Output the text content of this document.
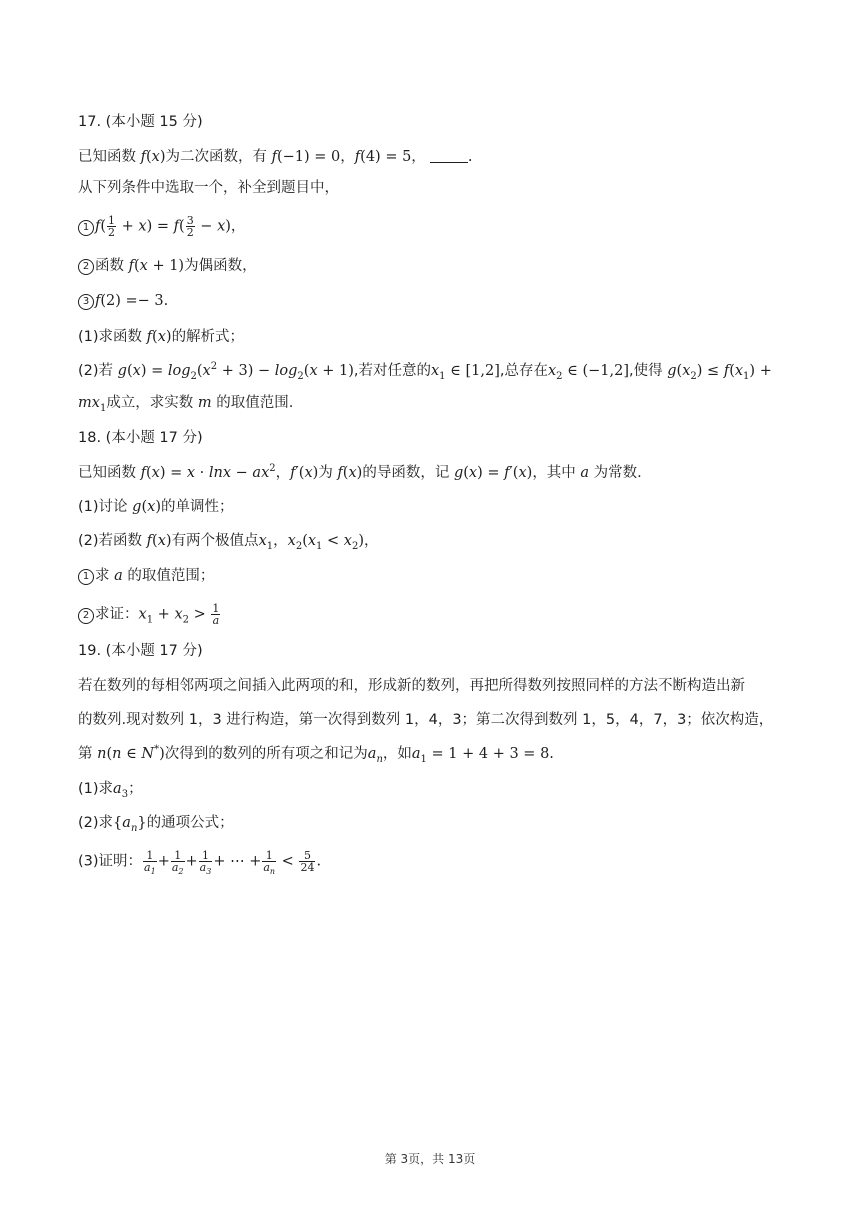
17. (本小题 15 分)
已知函数 f(x)为二次函数，有 f(−1) = 0，f(4) = 5，	.
从下列条件中选取一个，补全到题目中，
1 $f( \frac{1}{2} + x) = f( \frac{3}{2} - x)$，
2 函数 f(x + 1)为偶函数，
3 f(2) =− 3.
(1)求函数 f(x)的解析式；
(2)若 $g(x) = \log_2(x^2 + 3) - \log_2(x + 1)$,若对任意的$x_1$ ∈ [1,2],总存在$x_2$ ∈ (−1,2],使得 $g(x_2) \le f(x_1)$ +
$mx_1$成立，求实数 m 的取值范围.
18. (本小题 17 分)
已知函数 $f(x) = x \cdot \ln x - ax^2$，f′(x)为 f(x)的导函数，记 g(x) = f′(x)，其中 a 为常数.
(1)讨论 g(x)的单调性；
(2)若函数 f(x)有两个极值点$x_1$，$x_2(x_1 < x_2)$，
1 求 a 的取值范围；
2 求证：$x_1 + x_2 > \frac{1}{a}$
19. (本小题 17 分)
若在数列的每相邻两项之间插入此两项的和，形成新的数列，再把所得数列按照同样的方法不断构造出新
的数列.现对数列 1，3 进行构造，第一次得到数列 1，4，3；第二次得到数列 1，5，4，7，3；依次构造，
第 n(n ∈ N*)次得到的数列的所有项之和记为$a_n$，如$a_1 = 1 + 4 + 3 = 8$.
(1)求$a_3$；
(2)求$\{a_n\}$的通项公式；
(3)证明： $\frac{1}{a_1} + \frac{1}{a_2} + \frac{1}{a_3}$ + ⋯ + $\frac{1}{a_n} < \frac{5}{24}$ .
第 3页，共 13页
